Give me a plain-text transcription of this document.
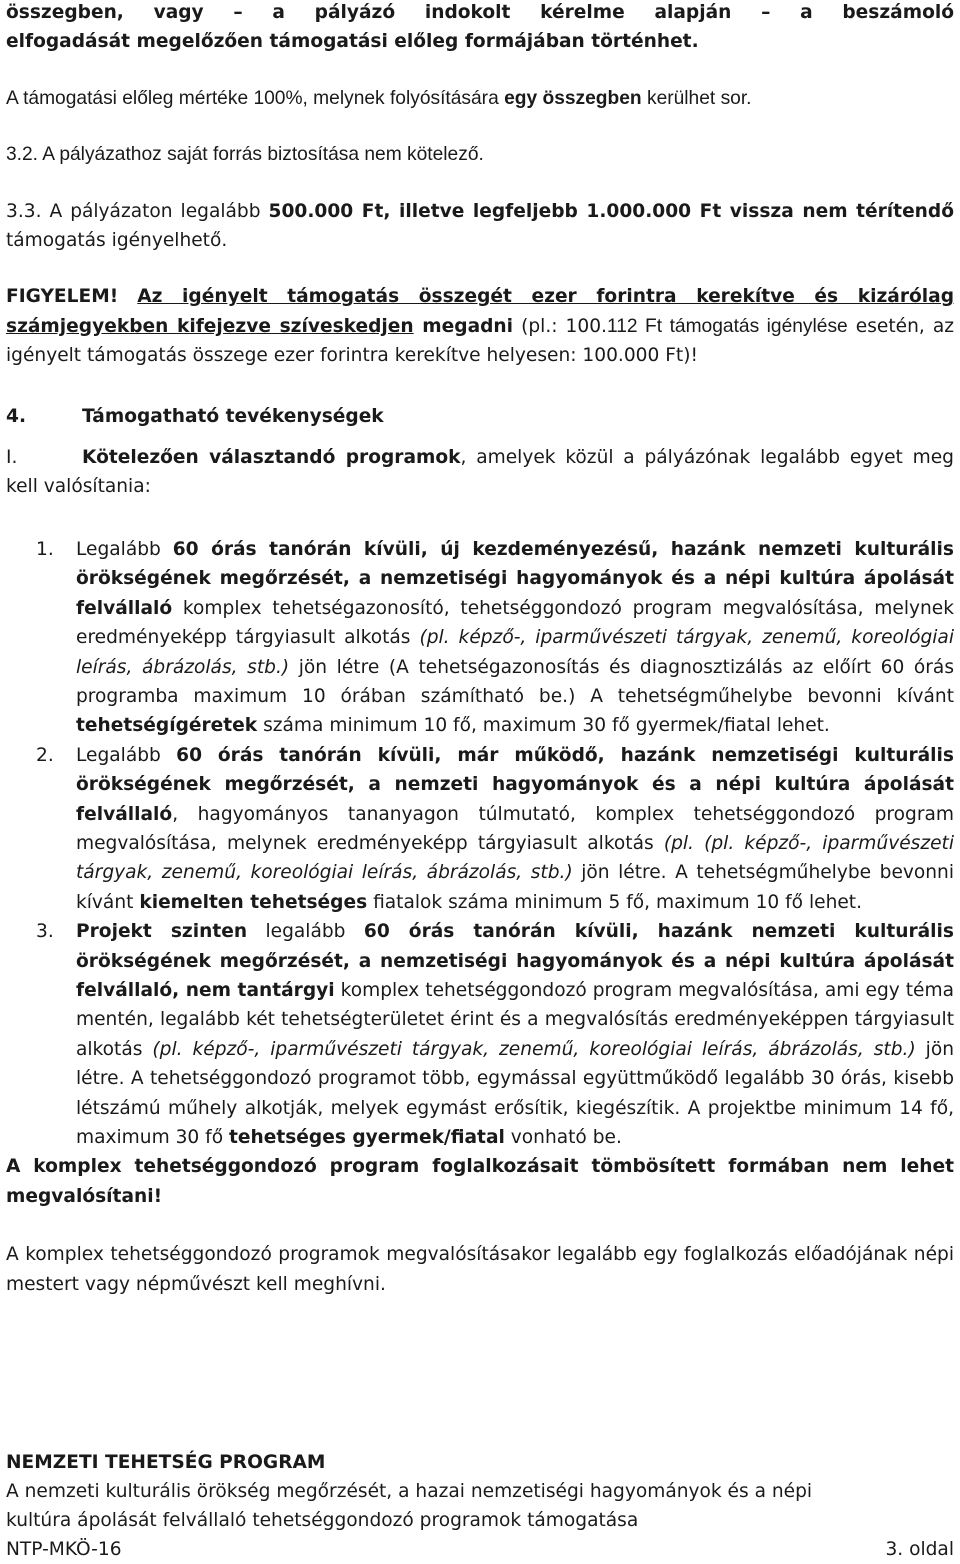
összegben, vagy – a pályázó indokolt kérelme alapján – a beszámoló

elfogadását megelőzően támogatási előleg formájában történhet.

A támogatási előleg mértéke 100%, melynek folyósítására egy összegben kerülhet sor.

3.2. A pályázathoz saját forrás biztosítása nem kötelező.

3.3. A pályázaton legalább 500.000 Ft, illetve legfeljebb 1.000.000 Ft vissza nem térítendő támogatás igényelhető.

FIGYELEM! Az igényelt támogatás összegét ezer forintra kerekítve és kizárólag számjegyekben kifejezve szíveskedjen megadni (pl.: 100.112 Ft támogatás igénylése esetén, az igényelt támogatás összege ezer forintra kerekítve helyesen: 100.000 Ft)!

4.	Támogatható tevékenységek

I.	Kötelezően választandó programok, amelyek közül a pályázónak legalább egyet meg kell valósítania:

1. Legalább 60 órás tanórán kívüli, új kezdeményezésű, hazánk nemzeti kulturális örökségének megőrzését, a nemzetiségi hagyományok és a népi kultúra ápolását felvállaló komplex tehetségazonosító, tehetséggondozó program megvalósítása, melynek eredményeképp tárgyiasult alkotás (pl. képző-, iparművészeti tárgyak, zenemű, koreológiai leírás, ábrázolás, stb.) jön létre (A tehetségazonosítás és diagnosztizálás az előírt 60 órás programba maximum 10 órában számítható be.) A tehetségműhelybe bevonni kívánt tehetségígéretek száma minimum 10 fő, maximum 30 fő gyermek/fiatal lehet.
2. Legalább 60 órás tanórán kívüli, már működő, hazánk nemzetiségi kulturális örökségének megőrzését, a nemzeti hagyományok és a népi kultúra ápolását felvállaló, hagyományos tananyagon túlmutató, komplex tehetséggondozó program megvalósítása, melynek eredményeképp tárgyiasult alkotás (pl. (pl. képző-, iparművészeti tárgyak, zenemű, koreológiai leírás, ábrázolás, stb.) jön létre. A tehetségműhelybe bevonni kívánt kiemelten tehetséges fiatalok száma minimum 5 fő, maximum 10 fő lehet.
3. Projekt szinten legalább 60 órás tanórán kívüli, hazánk nemzeti kulturális örökségének megőrzését, a nemzetiségi hagyományok és a népi kultúra ápolását felvállaló, nem tantárgyi komplex tehetséggondozó program megvalósítása, ami egy téma mentén, legalább két tehetségterületet érint és a megvalósítás eredményeképpen tárgyiasult alkotás (pl. képző-, iparművészeti tárgyak, zenemű, koreológiai leírás, ábrázolás, stb.) jön létre. A tehetséggondozó programot több, egymással együttműködő legalább 30 órás, kisebb létszámú műhely alkotják, melyek egymást erősítik, kiegészítik. A projektbe minimum 14 fő, maximum 30 fő tehetséges gyermek/fiatal vonható be.

A komplex tehetséggondozó program foglalkozásait tömbösített formában nem lehet megvalósítani!

A komplex tehetséggondozó programok megvalósításakor legalább egy foglalkozás előadójának népi mestert vagy népművészt kell meghívni.

NEMZETI TEHETSÉG PROGRAM

A nemzeti kulturális örökség megőrzését, a hazai nemzetiségi hagyományok és a népi

kultúra ápolását felvállaló tehetséggondozó programok támogatása

NTP-MKÖ-16	3. oldal
